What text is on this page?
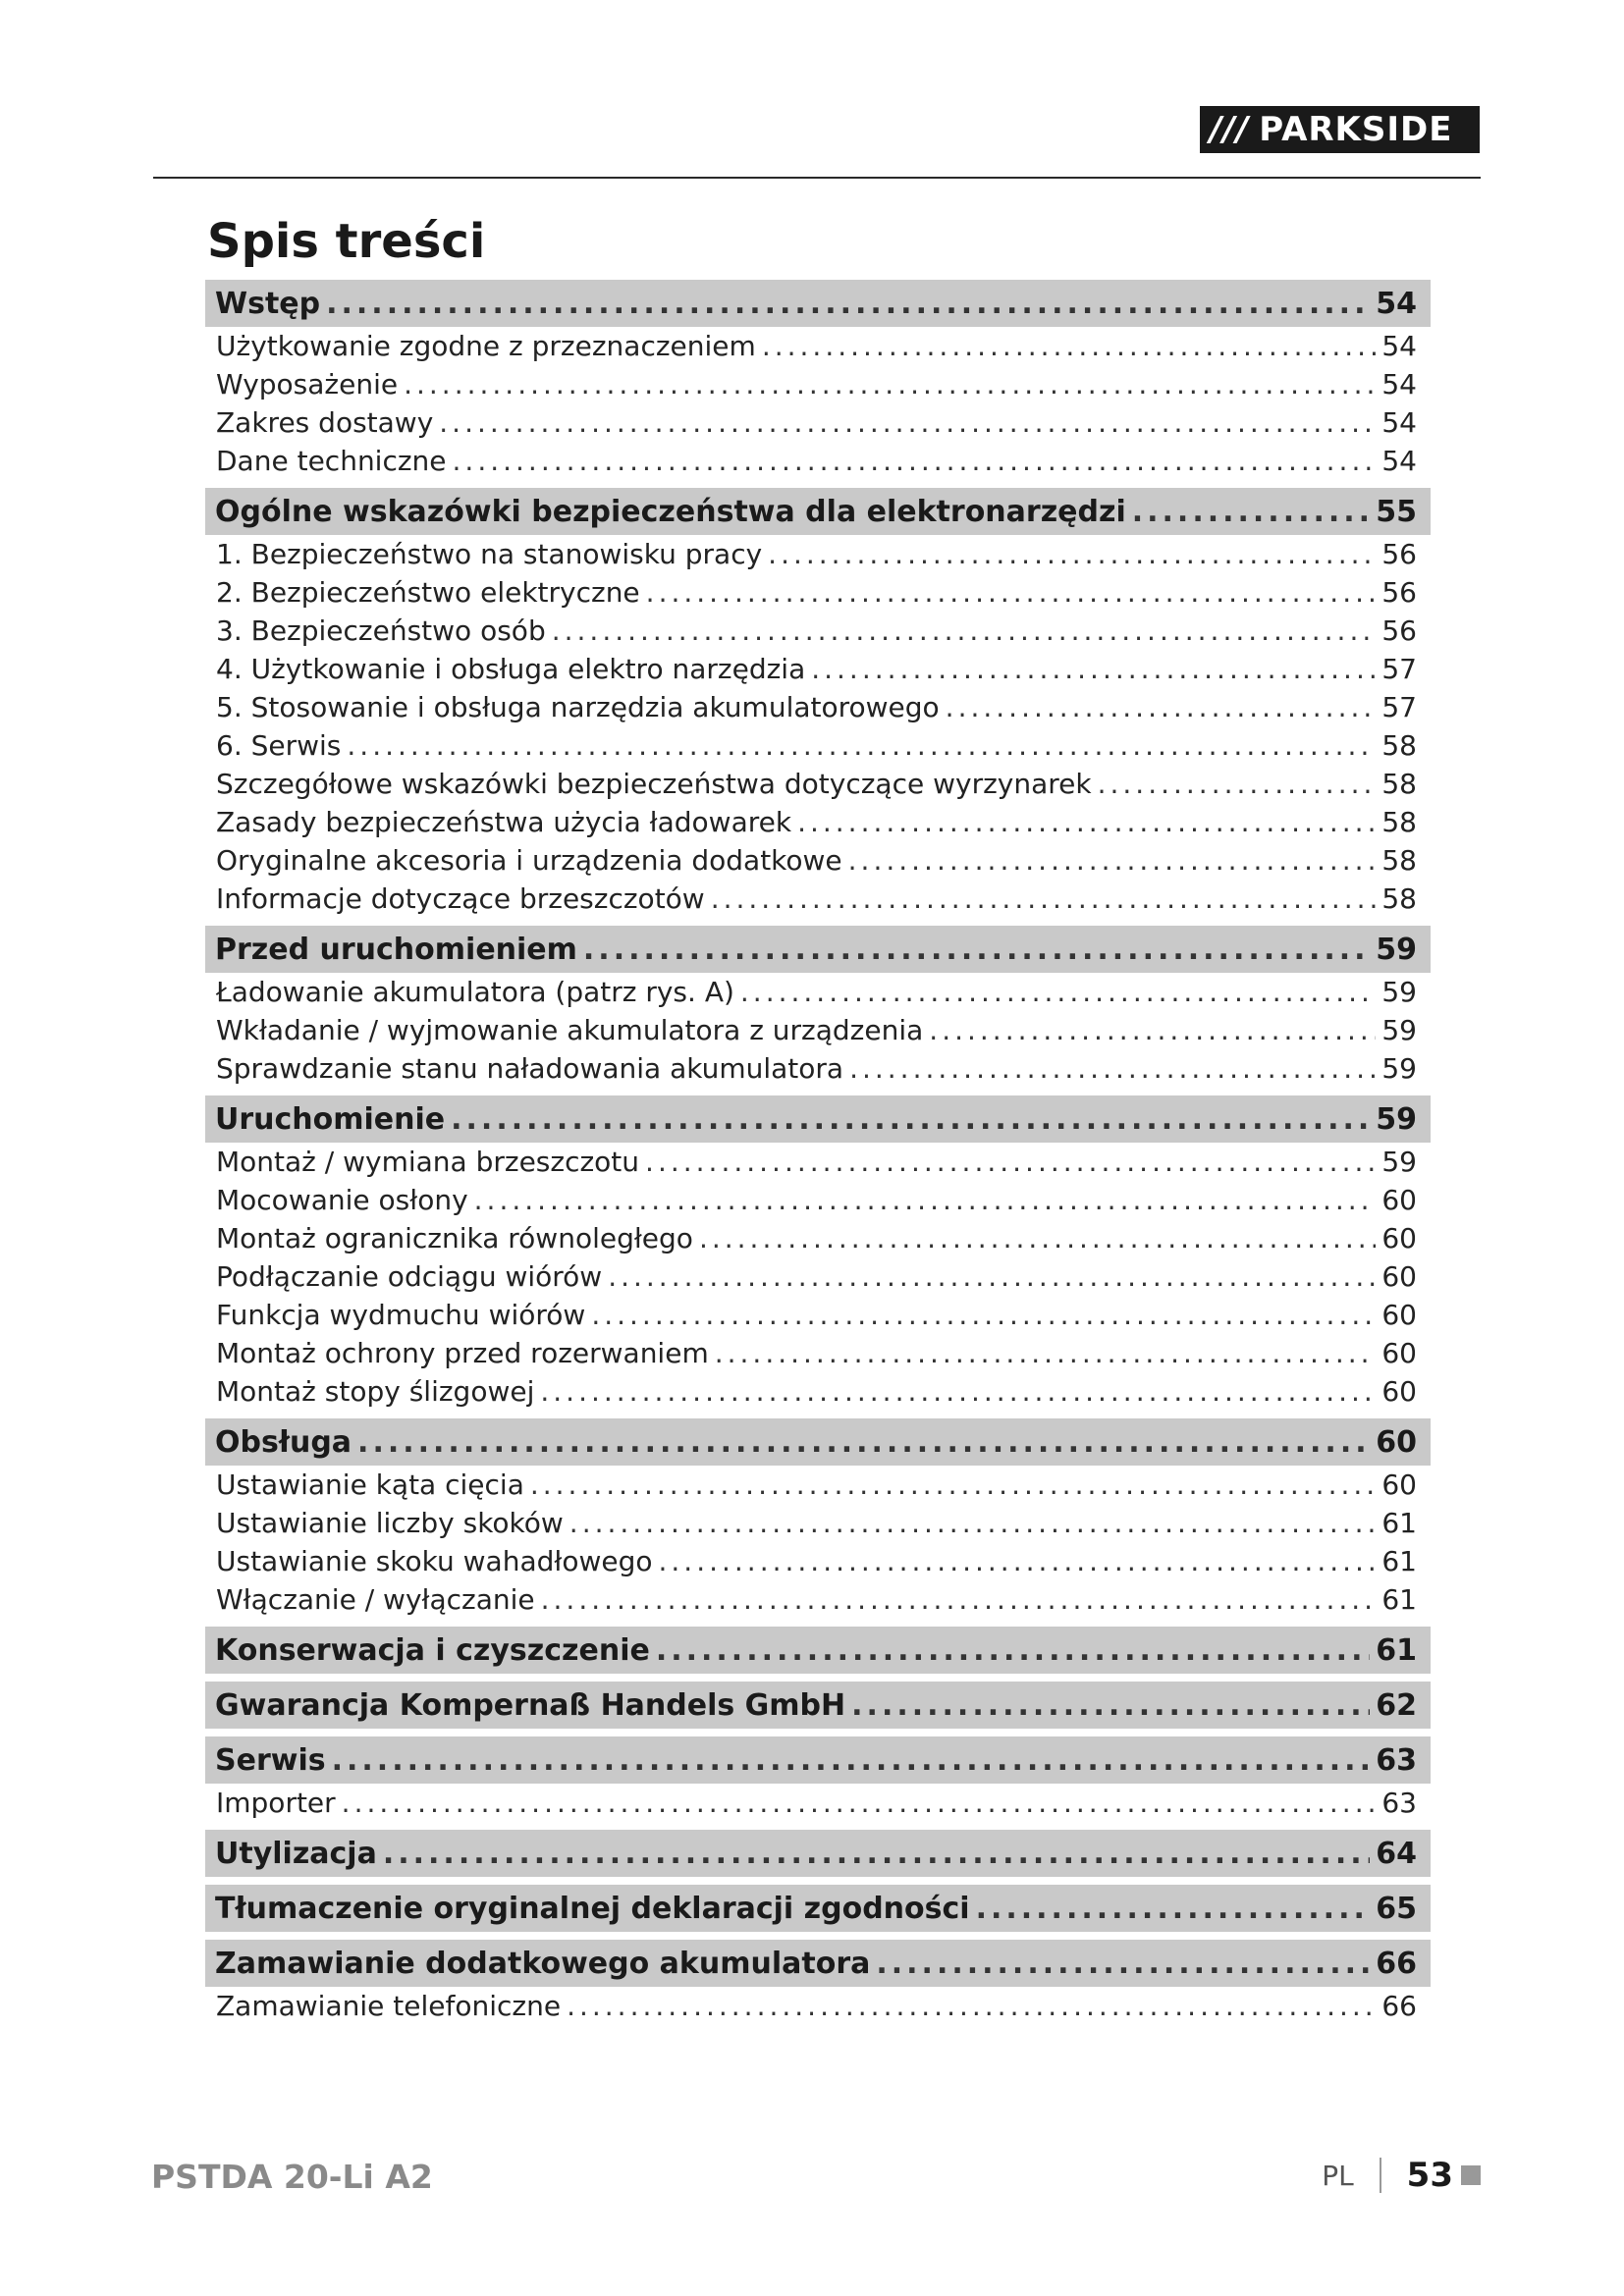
/// PARKSIDE
Spis treści
Wstęp .....	54
Użytkowanie zgodne z przeznaczeniem .....	54
Wyposażenie .....	54
Zakres dostawy .....	54
Dane techniczne .....	54
Ogólne wskazówki bezpieczeństwa dla elektronarzędzi .....	55
1. Bezpieczeństwo na stanowisku pracy .....	56
2. Bezpieczeństwo elektryczne .....	56
3. Bezpieczeństwo osób .....	56
4. Użytkowanie i obsługa elektro narzędzia .....	57
5. Stosowanie i obsługa narzędzia akumulatorowego .....	57
6. Serwis .....	58
Szczegółowe wskazówki bezpieczeństwa dotyczące wyrzynarek .....	58
Zasady bezpieczeństwa użycia ładowarek .....	58
Oryginalne akcesoria i urządzenia dodatkowe .....	58
Informacje dotyczące brzeszczotów .....	58
Przed uruchomieniem .....	59
Ładowanie akumulatora (patrz rys. A) .....	59
Wkładanie / wyjmowanie akumulatora z urządzenia .....	59
Sprawdzanie stanu naładowania akumulatora .....	59
Uruchomienie .....	59
Montaż / wymiana brzeszczotu .....	59
Mocowanie osłony .....	60
Montaż ogranicznika równoległego .....	60
Podłączanie odciągu wiórów .....	60
Funkcja wydmuchu wiórów .....	60
Montaż ochrony przed rozerwaniem .....	60
Montaż stopy ślizgowej .....	60
Obsługa .....	60
Ustawianie kąta cięcia .....	60
Ustawianie liczby skoków .....	61
Ustawianie skoku wahadłowego .....	61
Włączanie / wyłączanie .....	61
Konserwacja i czyszczenie .....	61
Gwarancja Kompernaß Handels GmbH .....	62
Serwis .....	63
Importer .....	63
Utylizacja .....	64
Tłumaczenie oryginalnej deklaracji zgodności .....	65
Zamawianie dodatkowego akumulatora .....	66
Zamawianie telefoniczne .....	66
PSTDA 20-Li A2	PL 53
